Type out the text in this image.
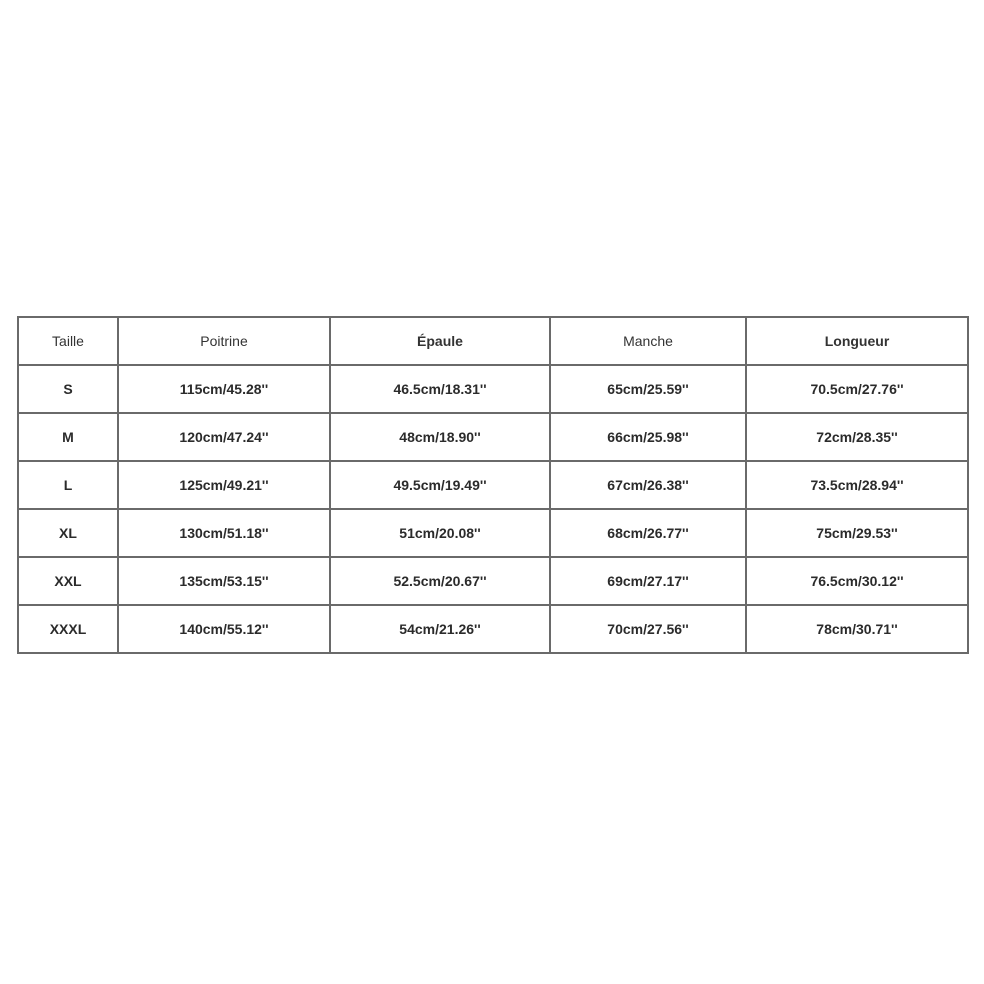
Taille	Poitrine	Épaule	Manche	Longueur
S	115cm/45.28''	46.5cm/18.31''	65cm/25.59''	70.5cm/27.76''
M	120cm/47.24''	48cm/18.90''	66cm/25.98''	72cm/28.35''
L	125cm/49.21''	49.5cm/19.49''	67cm/26.38''	73.5cm/28.94''
XL	130cm/51.18''	51cm/20.08''	68cm/26.77''	75cm/29.53''
XXL	135cm/53.15''	52.5cm/20.67''	69cm/27.17''	76.5cm/30.12''
XXXL	140cm/55.12''	54cm/21.26''	70cm/27.56''	78cm/30.71''
